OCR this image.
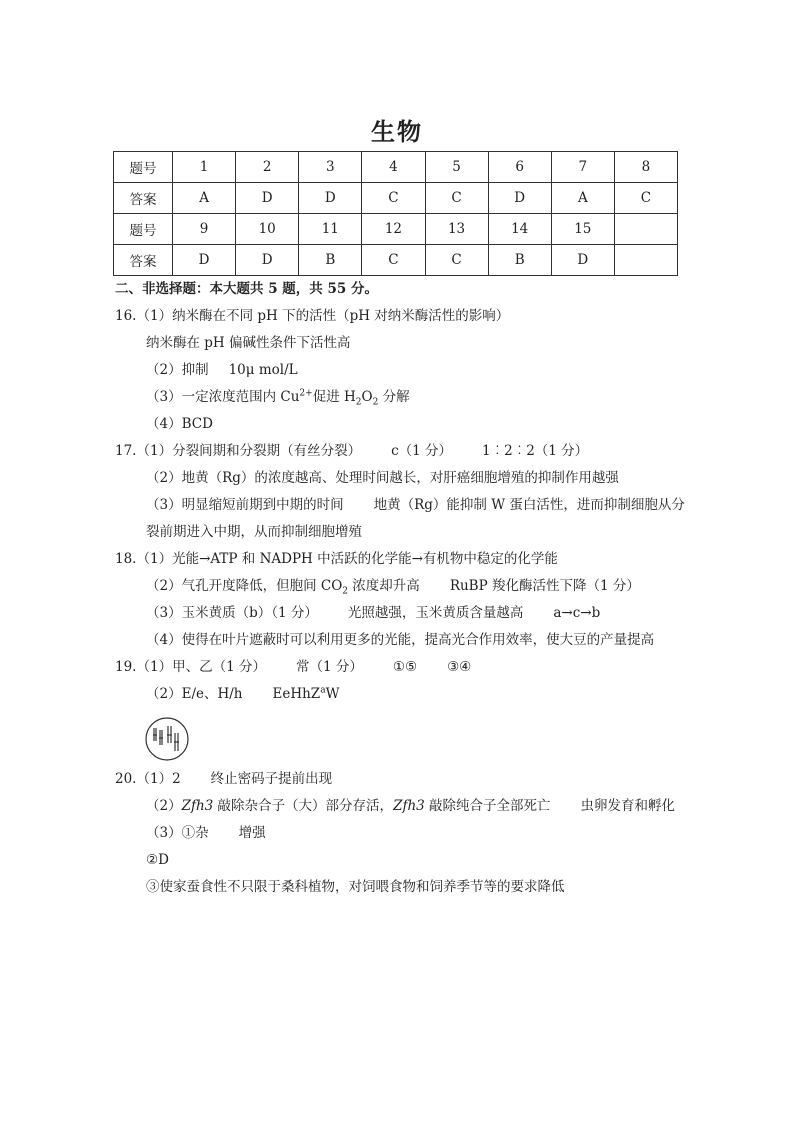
生物
题号	1	2	3	4	5	6	7	8
答案	A	D	D	C	C	D	A	C
题号	9	10	11	12	13	14	15	
答案	D	D	B	C	C	B	D	
二、非选择题：本大题共 5 题，共 55 分。
16.（1）纳米酶在不同 pH 下的活性（pH 对纳米酶活性的影响）
纳米酶在 pH 偏碱性条件下活性高
（2）抑制 10μ mol/L
（3）一定浓度范围内 $Cu^{2+}$促进 $H_2O_2$ 分解
（4）BCD
17.（1）分裂间期和分裂期（有丝分裂） c（1 分） 1︰2︰2（1 分）
（2）地黄（Rg）的浓度越高、处理时间越长，对肝癌细胞增殖的抑制作用越强
（3）明显缩短前期到中期的时间 地黄（Rg）能抑制 W 蛋白活性，进而抑制细胞从分
裂前期进入中期，从而抑制细胞增殖
18.（1）光能→ATP 和 NADPH 中活跃的化学能→有机物中稳定的化学能
（2）气孔开度降低，但胞间 $CO_2$ 浓度却升高 RuBP 羧化酶活性下降（1 分）
（3）玉米黄质（b）（1 分） 光照越强，玉米黄质含量越高 a→c→b
（4）使得在叶片遮蔽时可以利用更多的光能，提高光合作用效率，使大豆的产量提高
19.（1）甲、乙（1 分） 常（1 分） ①⑤ ③④
（2）E/e、H/h EeHhZ$^a$W
20.（1）2 终止密码子提前出现
（2）Zfh3 敲除杂合子（大）部分存活，Zfh3 敲除纯合子全部死亡 虫卵发育和孵化
（3）①杂 增强
②D
③使家蚕食性不只限于桑科植物，对饲喂食物和饲养季节等的要求降低
